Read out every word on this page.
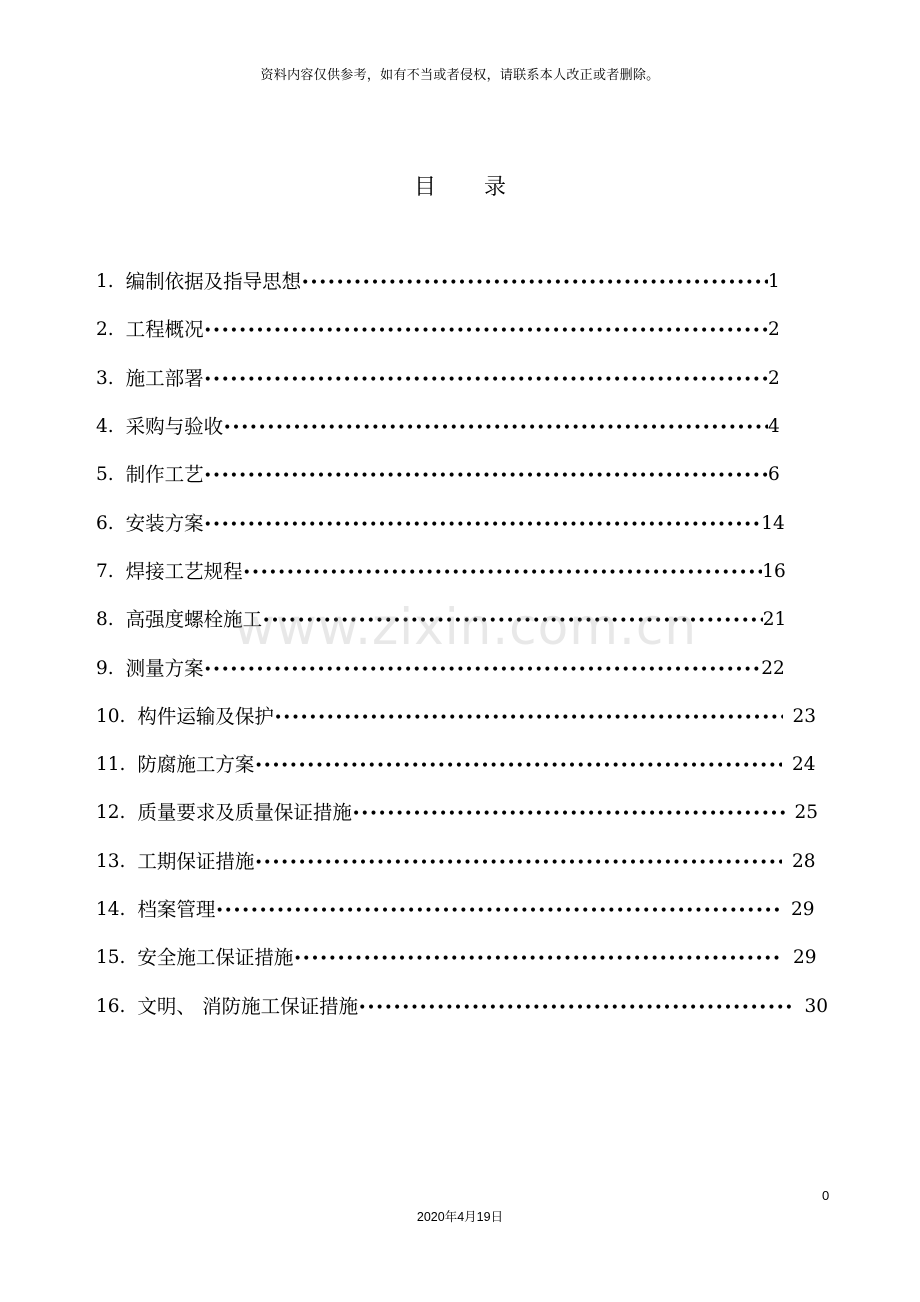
资料内容仅供参考，如有不当或者侵权，请联系本人改正或者删除。
目 录
1. 编制依据及指导思想 •••••	1
2. 工程概况 •••••	2
3. 施工部署 •••••	2
4. 采购与验收 •••••	4
5. 制作工艺 •••••	6
6. 安装方案 •••••	14
7. 焊接工艺规程 •••••	16
8. 高强度螺栓施工 •••••	21
9. 测量方案 •••••	22
10. 构件运输及保护 •••••	23
11. 防腐施工方案 •••••	24
12. 质量要求及质量保证措施 •••••	25
13. 工期保证措施 •••••	28
14. 档案管理 •••••	29
15. 安全施工保证措施 •••••	29
16. 文明、 消防施工保证措施 •••••	30
www.zixin.com.cn
0
2020年4月19日
